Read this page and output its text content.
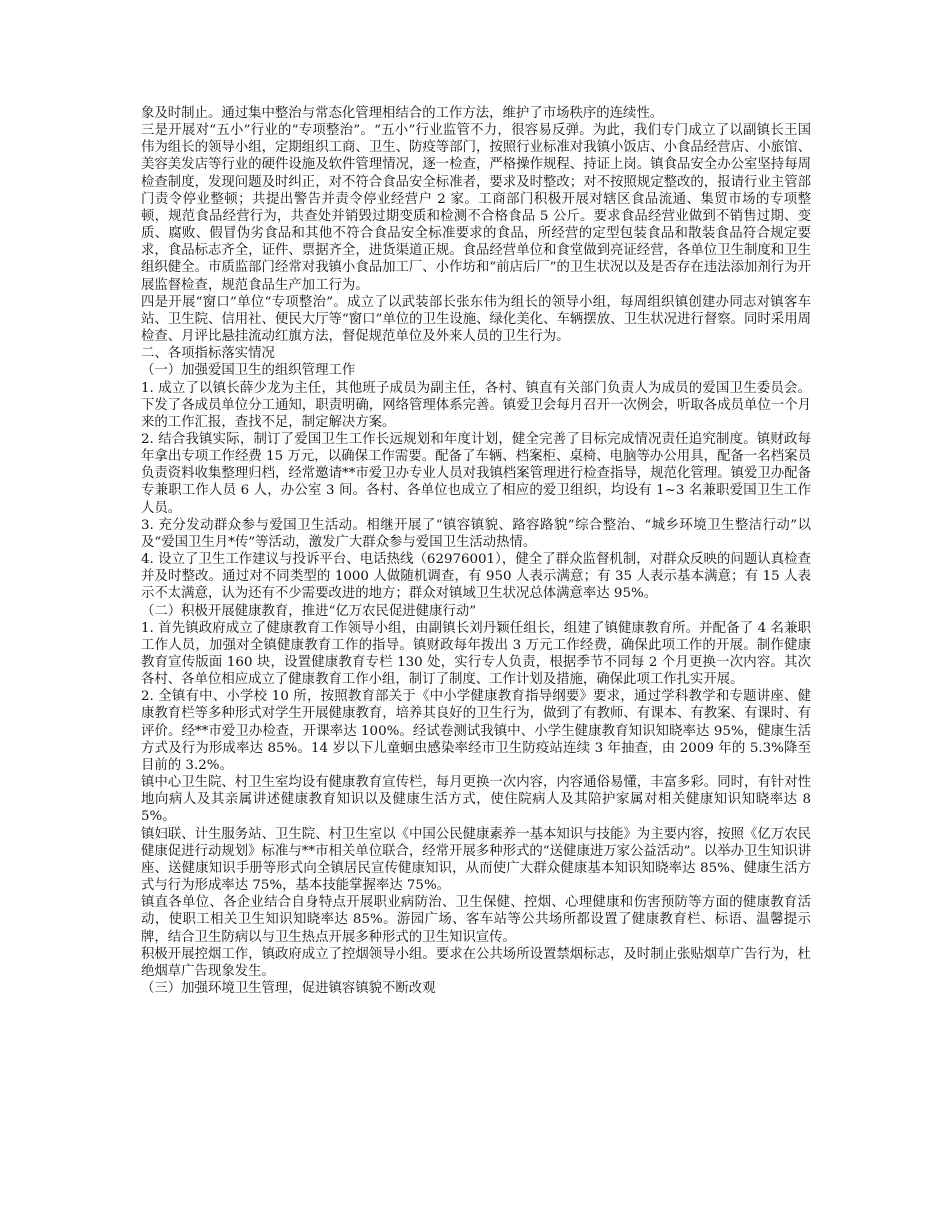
象及时制止。通过集中整治与常态化管理相结合的工作方法，维护了市场秩序的连续性。

三是开展对“五小”行业的“专项整治”。“五小”行业监管不力，很容易反弹。为此，我们专门成立了以副镇长王国伟为组长的领导小组，定期组织工商、卫生、防疫等部门，按照行业标准对我镇小饭店、小食品经营店、小旅馆、美容美发店等行业的硬件设施及软件管理情况，逐一检查，严格操作规程、持证上岗。镇食品安全办公室坚持每周检查制度，发现问题及时纠正，对不符合食品安全标准者，要求及时整改；对不按照规定整改的，报请行业主管部门责令停业整顿；共提出警告并责令停业经营户 2 家。工商部门积极开展对辖区食品流通、集贸市场的专项整顿，规范食品经营行为，共查处并销毁过期变质和检测不合格食品 5 公斤。要求食品经营业做到不销售过期、变质、腐败、假冒伪劣食品和其他不符合食品安全标准要求的食品，所经营的定型包装食品和散装食品符合规定要求，食品标志齐全，证件、票据齐全，进货渠道正规。食品经营单位和食堂做到亮证经营，各单位卫生制度和卫生组织健全。市质监部门经常对我镇小食品加工厂、小作坊和“前店后厂”的卫生状况以及是否存在违法添加剂行为开展监督检查，规范食品生产加工行为。

四是开展“窗口”单位“专项整治”。成立了以武装部长张东伟为组长的领导小组，每周组织镇创建办同志对镇客车站、卫生院、信用社、便民大厅等“窗口”单位的卫生设施、绿化美化、车辆摆放、卫生状况进行督察。同时采用周检查、月评比悬挂流动红旗方法，督促规范单位及外来人员的卫生行为。

二、各项指标落实情况

（一）加强爱国卫生的组织管理工作

1. 成立了以镇长薛少龙为主任，其他班子成员为副主任，各村、镇直有关部门负责人为成员的爱国卫生委员会。下发了各成员单位分工通知，职责明确，网络管理体系完善。镇爱卫会每月召开一次例会，听取各成员单位一个月来的工作汇报，查找不足，制定解决方案。

2. 结合我镇实际，制订了爱国卫生工作长远规划和年度计划，健全完善了目标完成情况责任追究制度。镇财政每年拿出专项工作经费 15 万元，以确保工作需要。配备了车辆、档案柜、桌椅、电脑等办公用具，配备一名档案员负责资料收集整理归档，经常邀请**市爱卫办专业人员对我镇档案管理进行检查指导，规范化管理。镇爱卫办配备专兼职工作人员 6 人，办公室 3 间。各村、各单位也成立了相应的爱卫组织，均设有 1~3 名兼职爱国卫生工作人员。

3. 充分发动群众参与爱国卫生活动。相继开展了“镇容镇貌、路容路貌”综合整治、“城乡环境卫生整洁行动”以及“爱国卫生月*传”等活动，激发广大群众参与爱国卫生活动热情。

4. 设立了卫生工作建议与投诉平台、电话热线（62976001），健全了群众监督机制，对群众反映的问题认真检查并及时整改。通过对不同类型的 1000 人做随机调查，有 950 人表示满意；有 35 人表示基本满意；有 15 人表示不太满意，认为还有不少需要改进的地方；群众对镇域卫生状况总体满意率达 95%。

（二）积极开展健康教育，推进“亿万农民促进健康行动”

1. 首先镇政府成立了健康教育工作领导小组，由副镇长刘丹颖任组长，组建了镇健康教育所。并配备了 4 名兼职工作人员，加强对全镇健康教育工作的指导。镇财政每年拨出 3 万元工作经费，确保此项工作的开展。制作健康教育宣传版面 160 块，设置健康教育专栏 130 处，实行专人负责，根据季节不同每 2 个月更换一次内容。其次各村、各单位相应成立了健康教育工作小组，制订了制度、工作计划及措施，确保此项工作扎实开展。

2. 全镇有中、小学校 10 所，按照教育部关于《中小学健康教育指导纲要》要求，通过学科教学和专题讲座、健康教育栏等多种形式对学生开展健康教育，培养其良好的卫生行为，做到了有教师、有课本、有教案、有课时、有评价。经**市爱卫办检查，开课率达 100%。经试卷测试我镇中、小学生健康教育知识知晓率达 95%，健康生活方式及行为形成率达 85%。14 岁以下儿童蛔虫感染率经市卫生防疫站连续 3 年抽查，由 2009 年的 5.3%降至目前的 3.2%。

镇中心卫生院、村卫生室均设有健康教育宣传栏，每月更换一次内容，内容通俗易懂，丰富多彩。同时，有针对性地向病人及其亲属讲述健康教育知识以及健康生活方式，使住院病人及其陪护家属对相关健康知识知晓率达 85%。

镇妇联、计生服务站、卫生院、村卫生室以《中国公民健康素养一基本知识与技能》为主要内容，按照《亿万农民健康促进行动规划》标准与**市相关单位联合，经常开展多种形式的“送健康进万家公益活动”。以举办卫生知识讲座、送健康知识手册等形式向全镇居民宣传健康知识，从而使广大群众健康基本知识知晓率达 85%、健康生活方式与行为形成率达 75%，基本技能掌握率达 75%。

镇直各单位、各企业结合自身特点开展职业病防治、卫生保健、控烟、心理健康和伤害预防等方面的健康教育活动，使职工相关卫生知识知晓率达 85%。游园广场、客车站等公共场所都设置了健康教育栏、标语、温馨提示牌，结合卫生防病以与卫生热点开展多种形式的卫生知识宣传。

积极开展控烟工作，镇政府成立了控烟领导小组。要求在公共场所设置禁烟标志，及时制止张贴烟草广告行为，杜绝烟草广告现象发生。

（三）加强环境卫生管理，促进镇容镇貌不断改观
